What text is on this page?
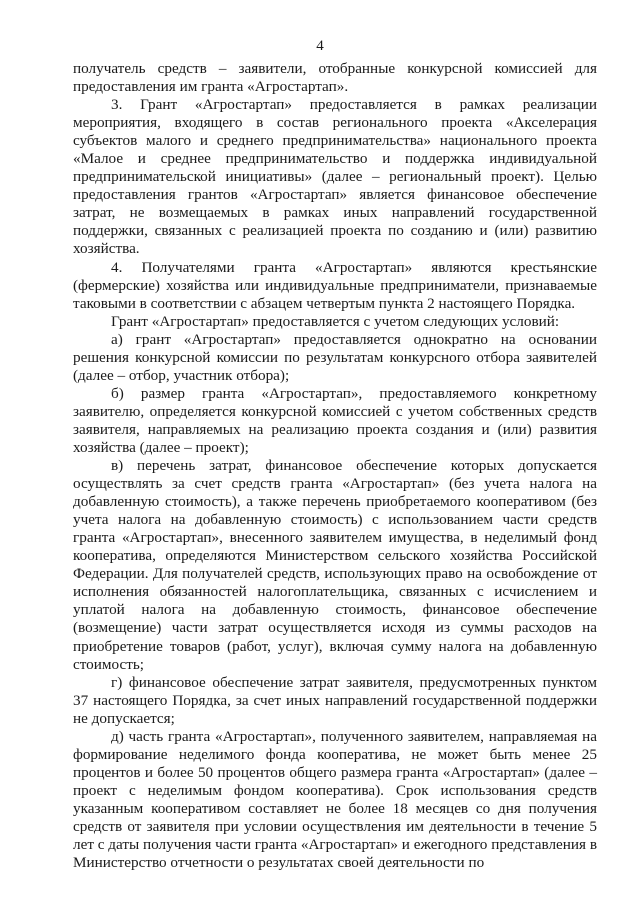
4

получатель средств – заявители, отобранные конкурсной комиссией для предоставления им гранта «Агростартап».

3. Грант «Агростартап» предоставляется в рамках реализации мероприятия, входящего в состав регионального проекта «Акселерация субъектов малого и среднего предпринимательства» национального проекта «Малое и среднее предпринимательство и поддержка индивидуальной предпринимательской инициативы» (далее – региональный проект). Целью предоставления грантов «Агростартап» является финансовое обеспечение затрат, не возмещаемых в рамках иных направлений государственной поддержки, связанных с реализацией проекта по созданию и (или) развитию хозяйства.

4. Получателями гранта «Агростартап» являются крестьянские (фермерские) хозяйства или индивидуальные предприниматели, признаваемые таковыми в соответствии с абзацем четвертым пункта 2 настоящего Порядка.

Грант «Агростартап» предоставляется с учетом следующих условий:

а) грант «Агростартап» предоставляется однократно на основании решения конкурсной комиссии по результатам конкурсного отбора заявителей (далее – отбор, участник отбора);

б) размер гранта «Агростартап», предоставляемого конкретному заявителю, определяется конкурсной комиссией с учетом собственных средств заявителя, направляемых на реализацию проекта создания и (или) развития хозяйства (далее – проект);

в) перечень затрат, финансовое обеспечение которых допускается осуществлять за счет средств гранта «Агростартап» (без учета налога на добавленную стоимость), а также перечень приобретаемого кооперативом (без учета налога на добавленную стоимость) с использованием части средств гранта «Агростартап», внесенного заявителем имущества, в неделимый фонд кооператива, определяются Министерством сельского хозяйства Российской Федерации. Для получателей средств, использующих право на освобождение от исполнения обязанностей налогоплательщика, связанных с исчислением и уплатой налога на добавленную стоимость, финансовое обеспечение (возмещение) части затрат осуществляется исходя из суммы расходов на приобретение товаров (работ, услуг), включая сумму налога на добавленную стоимость;

г) финансовое обеспечение затрат заявителя, предусмотренных пунктом 37 настоящего Порядка, за счет иных направлений государственной поддержки не допускается;

д) часть гранта «Агростартап», полученного заявителем, направляемая на формирование неделимого фонда кооператива, не может быть менее 25 процентов и более 50 процентов общего размера гранта «Агростартап» (далее – проект с неделимым фондом кооператива). Срок использования средств указанным кооперативом составляет не более 18 месяцев со дня получения средств от заявителя при условии осуществления им деятельности в течение 5 лет с даты получения части гранта «Агростартап» и ежегодного представления в Министерство отчетности о результатах своей деятельности по
